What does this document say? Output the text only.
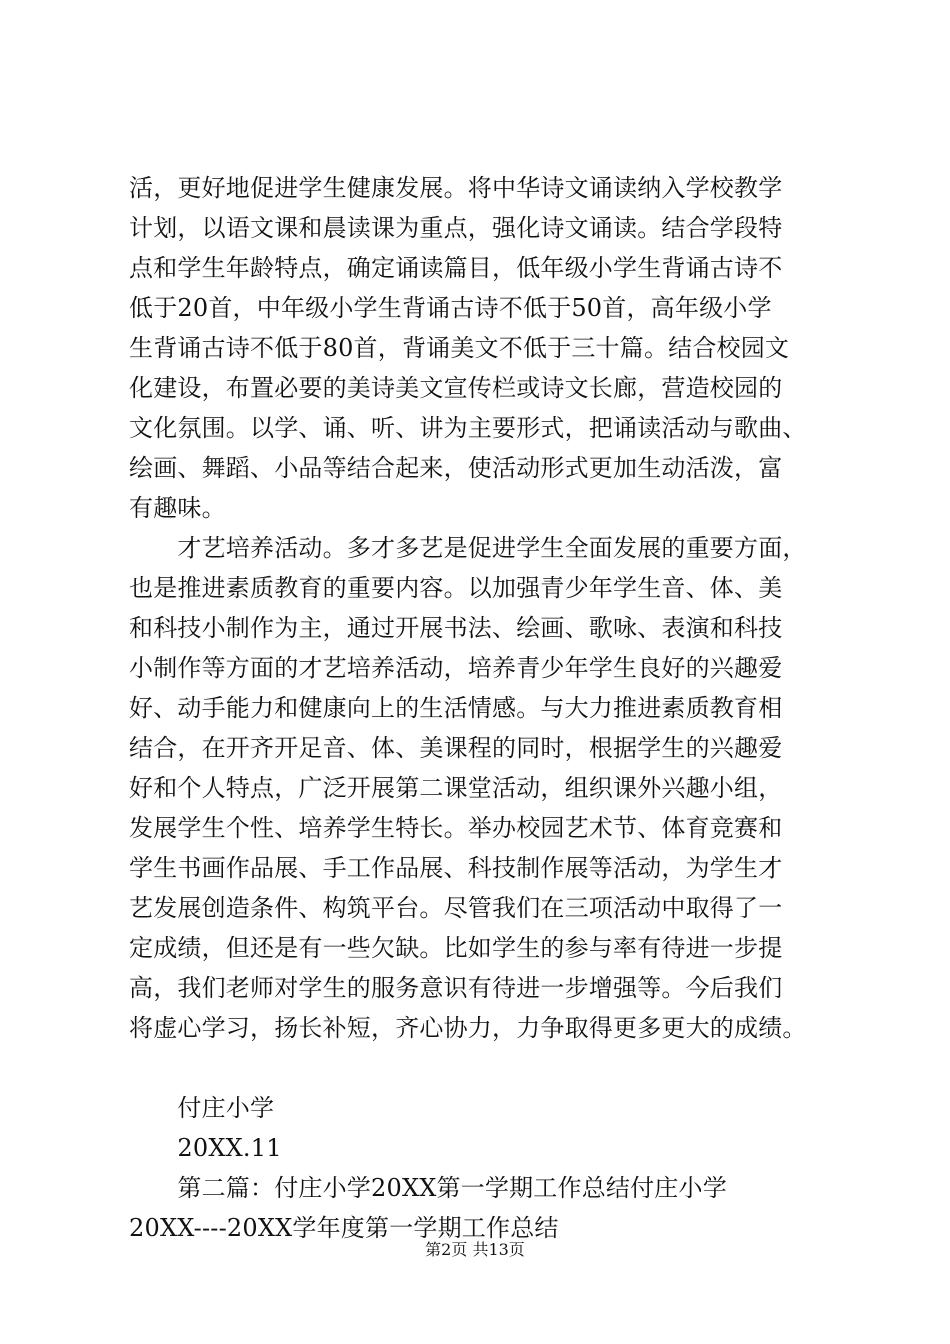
活，更好地促进学生健康发展。将中华诗文诵读纳入学校教学
计划，以语文课和晨读课为重点，强化诗文诵读。结合学段特
点和学生年龄特点，确定诵读篇目，低年级小学生背诵古诗不
低于20首，中年级小学生背诵古诗不低于50首，高年级小学
生背诵古诗不低于80首，背诵美文不低于三十篇。结合校园文
化建设，布置必要的美诗美文宣传栏或诗文长廊，营造校园的
文化氛围。以学、诵、听、讲为主要形式，把诵读活动与歌曲、
绘画、舞蹈、小品等结合起来，使活动形式更加生动活泼，富
有趣味。
　　才艺培养活动。多才多艺是促进学生全面发展的重要方面，
也是推进素质教育的重要内容。以加强青少年学生音、体、美
和科技小制作为主，通过开展书法、绘画、歌咏、表演和科技
小制作等方面的才艺培养活动，培养青少年学生良好的兴趣爱
好、动手能力和健康向上的生活情感。与大力推进素质教育相
结合，在开齐开足音、体、美课程的同时，根据学生的兴趣爱
好和个人特点，广泛开展第二课堂活动，组织课外兴趣小组，
发展学生个性、培养学生特长。举办校园艺术节、体育竞赛和
学生书画作品展、手工作品展、科技制作展等活动，为学生才
艺发展创造条件、构筑平台。尽管我们在三项活动中取得了一
定成绩，但还是有一些欠缺。比如学生的参与率有待进一步提
高，我们老师对学生的服务意识有待进一步增强等。今后我们
将虚心学习，扬长补短，齐心协力，力争取得更多更大的成绩。
　　付庄小学
　　20XX.11
　　第二篇：付庄小学20XX第一学期工作总结付庄小学
20XX----20XX学年度第一学期工作总结
第2页 共13页
